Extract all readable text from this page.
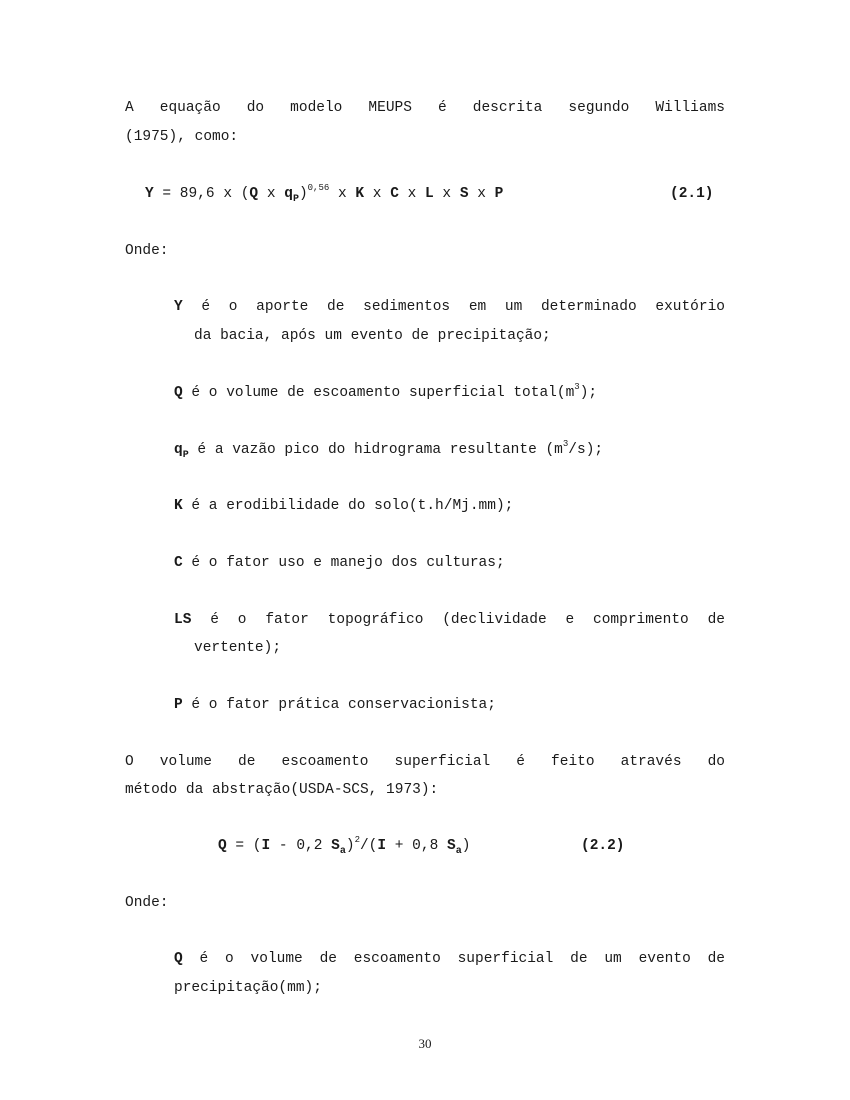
A equação do modelo MEUPS é descrita segundo Williams
(1975), como:
Y = 89,6 x (Q x $q_P)^{0,56}$ x K x C x L x S x P	(2.1)
Onde:
Y é o aporte de sedimentos em um determinado exutório
da bacia, após um evento de precipitação;
Q é o volume de escoamento superficial $total(m^3)$;
$q_P$ é a vazão pico do hidrograma resultante $(m^3/s)$;
K é a erodibilidade do solo(t.h/Mj.mm);
C é o fator uso e manejo dos culturas;
LS é o fator topográfico (declividade e comprimento de
vertente);
P é o fator prática conservacionista;
O volume de escoamento superficial é feito através do
método da abstração(USDA-SCS, 1973):
Q = (I - 0,2 $S_a)^2/(I + 0,8$ $S_a$)	(2.2)
Onde:
Q é o volume de escoamento superficial de um evento de
precipitação(mm);
30
